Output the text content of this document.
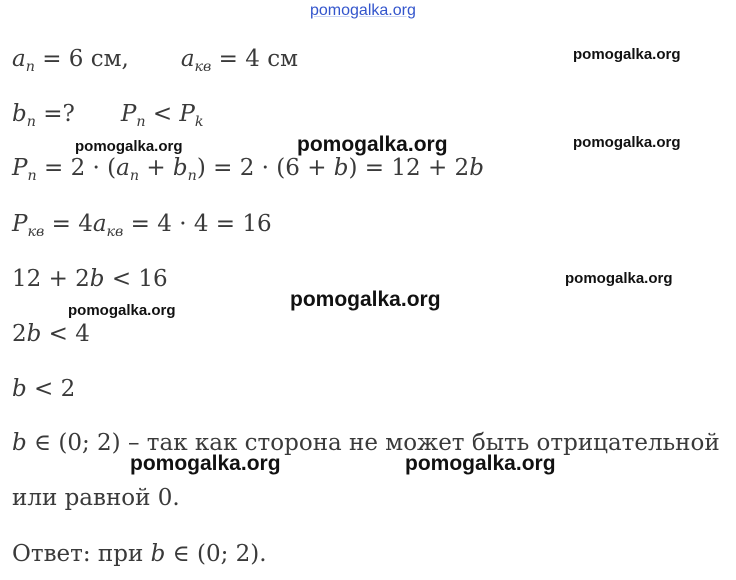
pomogalka.org
pomogalka.org
pomogalka.org	pomogalka.org	pomogalka.org
pomogalka.org
pomogalka.org
pomogalka.org
pomogalka.org	pomogalka.org
$a_n = 6$ см, $a_{кв} = 4$ см
$b_n$ =? $P_n < P_k$
$P_n = 2 \cdot (a_n + b_n) = 2 \cdot (6 + b) = 12 + 2b$
$P_{кв} = 4a_{кв} = 4 \cdot 4 = 16$
12 + 2b < 16
2b < 4
b < 2
b ∈ (0; 2) – так как сторона не может быть отрицательной
или равной 0.
Ответ: при b ∈ (0; 2).
